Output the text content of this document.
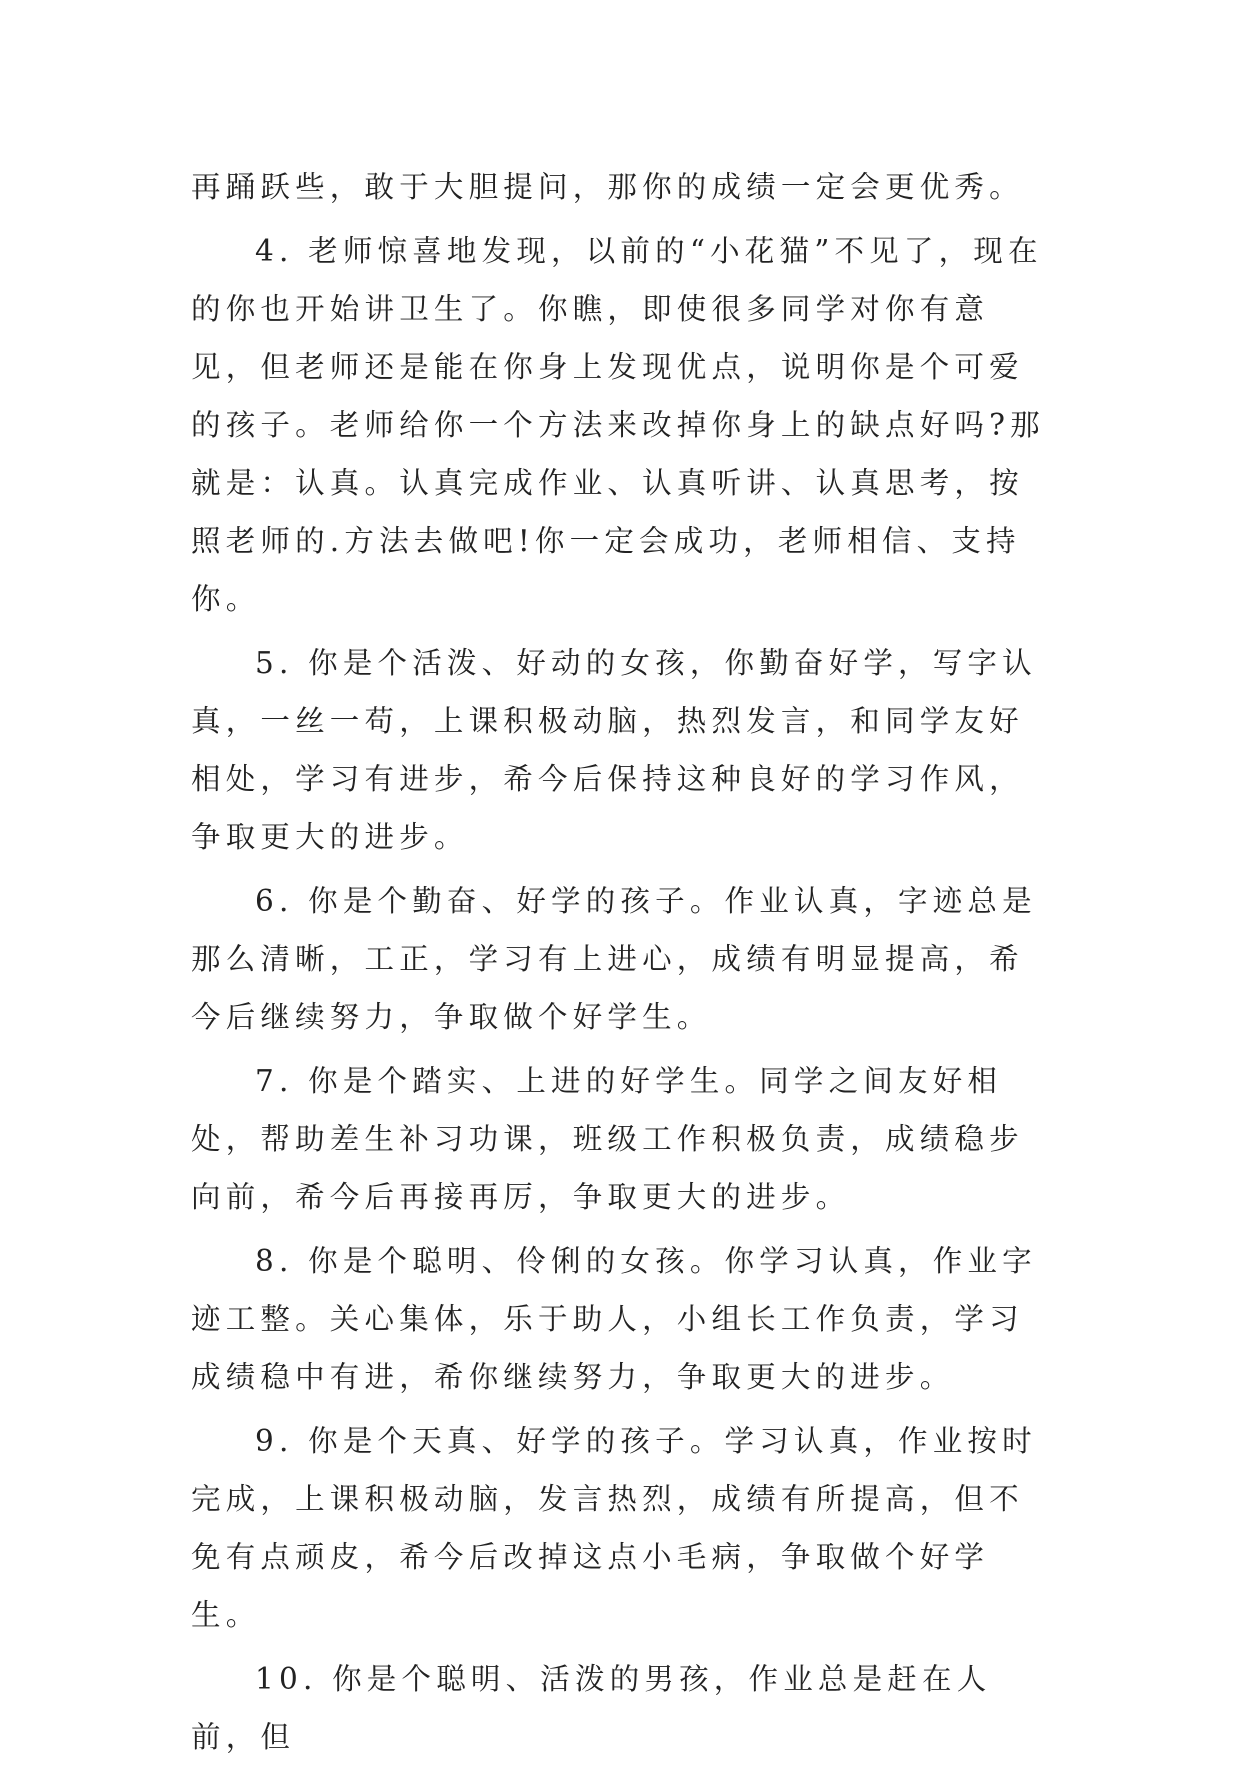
再踊跃些，敢于大胆提问，那你的成绩一定会更优秀。

4. 老师惊喜地发现，以前的“小花猫”不见了，现在的你也开始讲卫生了。你瞧，即使很多同学对你有意见，但老师还是能在你身上发现优点，说明你是个可爱的孩子。老师给你一个方法来改掉你身上的缺点好吗?那就是：认真。认真完成作业、认真听讲、认真思考，按照老师的.方法去做吧!你一定会成功，老师相信、支持你。

5. 你是个活泼、好动的女孩，你勤奋好学，写字认真，一丝一苟，上课积极动脑，热烈发言，和同学友好相处，学习有进步，希今后保持这种良好的学习作风，争取更大的进步。

6. 你是个勤奋、好学的孩子。作业认真，字迹总是那么清晰，工正，学习有上进心，成绩有明显提高，希今后继续努力，争取做个好学生。

7. 你是个踏实、上进的好学生。同学之间友好相处，帮助差生补习功课，班级工作积极负责，成绩稳步向前，希今后再接再厉，争取更大的进步。

8. 你是个聪明、伶俐的女孩。你学习认真，作业字迹工整。关心集体，乐于助人，小组长工作负责，学习成绩稳中有进，希你继续努力，争取更大的进步。

9. 你是个天真、好学的孩子。学习认真，作业按时完成，上课积极动脑，发言热烈，成绩有所提高，但不免有点顽皮，希今后改掉这点小毛病，争取做个好学生。

10. 你是个聪明、活泼的男孩，作业总是赶在人前，但
